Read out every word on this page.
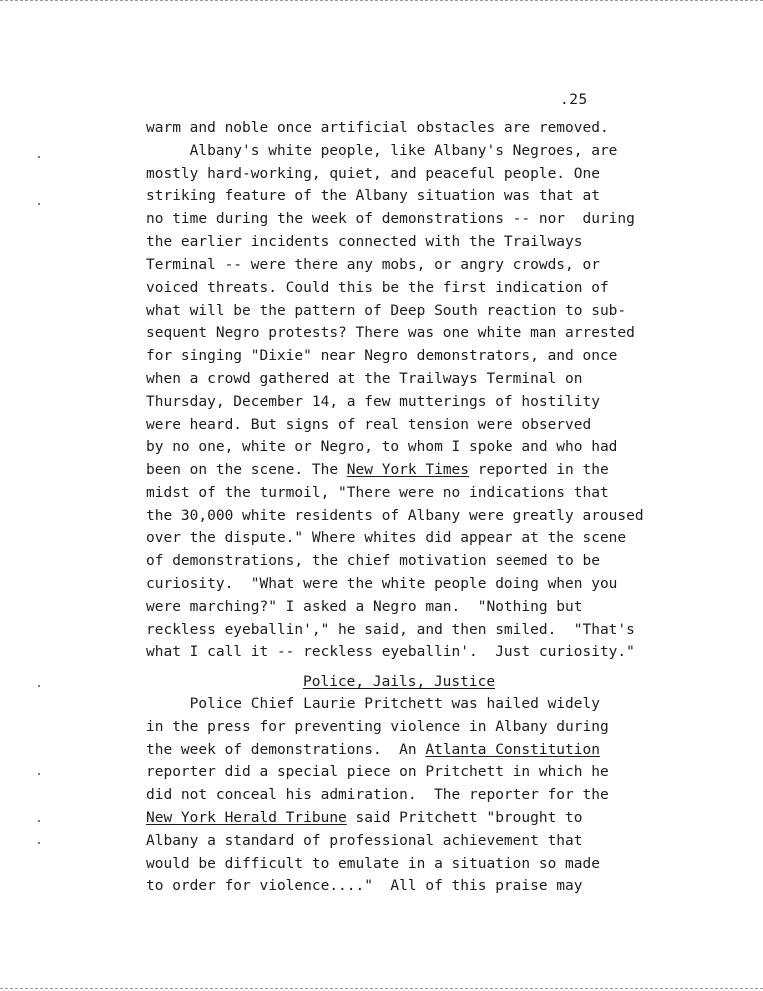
.25
warm and noble once artificial obstacles are removed.
Albany's white people, like Albany's Negroes, are
mostly hard-working, quiet, and peaceful people. One
striking feature of the Albany situation was that at
no time during the week of demonstrations -- nor  during
the earlier incidents connected with the Trailways
Terminal -- were there any mobs, or angry crowds, or
voiced threats. Could this be the first indication of
what will be the pattern of Deep South reaction to sub-
sequent Negro protests? There was one white man arrested
for singing "Dixie" near Negro demonstrators, and once
when a crowd gathered at the Trailways Terminal on
Thursday, December 14, a few mutterings of hostility
were heard. But signs of real tension were observed
by no one, white or Negro, to whom I spoke and who had
been on the scene. The New York Times reported in the
midst of the turmoil, "There were no indications that
the 30,000 white residents of Albany were greatly aroused
over the dispute." Where whites did appear at the scene
of demonstrations, the chief motivation seemed to be
curiosity.  "What were the white people doing when you
were marching?" I asked a Negro man.  "Nothing but
reckless eyeballin'," he said, and then smiled.  "That's
what I call it -- reckless eyeballin'.  Just curiosity."
Police, Jails, Justice
Police Chief Laurie Pritchett was hailed widely
in the press for preventing violence in Albany during
the week of demonstrations.  An Atlanta Constitution
reporter did a special piece on Pritchett in which he
did not conceal his admiration.  The reporter for the
New York Herald Tribune said Pritchett "brought to
Albany a standard of professional achievement that
would be difficult to emulate in a situation so made
to order for violence...."  All of this praise may
